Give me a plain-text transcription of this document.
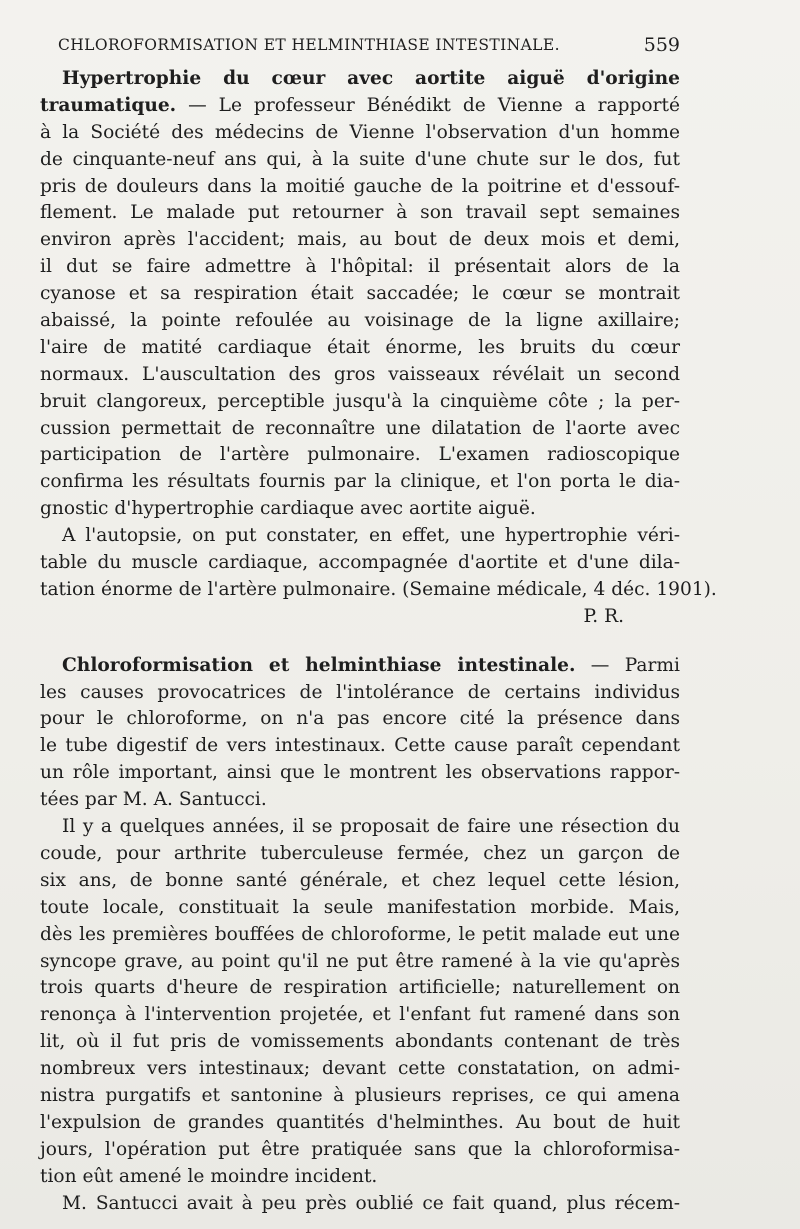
CHLOROFORMISATION ET HELMINTHIASE INTESTINALE.	559
Hypertrophie du cœur avec aortite aiguë d'origine
traumatique. — Le professeur Bénédikt de Vienne a rapporté
à la Société des médecins de Vienne l'observation d'un homme
de cinquante-neuf ans qui, à la suite d'une chute sur le dos, fut
pris de douleurs dans la moitié gauche de la poitrine et d'essouf-
flement. Le malade put retourner à son travail sept semaines
environ après l'accident; mais, au bout de deux mois et demi,
il dut se faire admettre à l'hôpital: il présentait alors de la
cyanose et sa respiration était saccadée; le cœur se montrait
abaissé, la pointe refoulée au voisinage de la ligne axillaire;
l'aire de matité cardiaque était énorme, les bruits du cœur
normaux. L'auscultation des gros vaisseaux révélait un second
bruit clangoreux, perceptible jusqu'à la cinquième côte ; la per-
cussion permettait de reconnaître une dilatation de l'aorte avec
participation de l'artère pulmonaire. L'examen radioscopique
confirma les résultats fournis par la clinique, et l'on porta le dia-
gnostic d'hypertrophie cardiaque avec aortite aiguë.
A l'autopsie, on put constater, en effet, une hypertrophie véri-
table du muscle cardiaque, accompagnée d'aortite et d'une dila-
tation énorme de l'artère pulmonaire. (Semaine médicale, 4 déc. 1901).
P. R.
Chloroformisation et helminthiase intestinale. — Parmi
les causes provocatrices de l'intolérance de certains individus
pour le chloroforme, on n'a pas encore cité la présence dans
le tube digestif de vers intestinaux. Cette cause paraît cependant
un rôle important, ainsi que le montrent les observations rappor-
tées par M. A. Santucci.
Il y a quelques années, il se proposait de faire une résection du
coude, pour arthrite tuberculeuse fermée, chez un garçon de
six ans, de bonne santé générale, et chez lequel cette lésion,
toute locale, constituait la seule manifestation morbide. Mais,
dès les premières bouffées de chloroforme, le petit malade eut une
syncope grave, au point qu'il ne put être ramené à la vie qu'après
trois quarts d'heure de respiration artificielle; naturellement on
renonça à l'intervention projetée, et l'enfant fut ramené dans son
lit, où il fut pris de vomissements abondants contenant de très
nombreux vers intestinaux; devant cette constatation, on admi-
nistra purgatifs et santonine à plusieurs reprises, ce qui amena
l'expulsion de grandes quantités d'helminthes. Au bout de huit
jours, l'opération put être pratiquée sans que la chloroformisa-
tion eût amené le moindre incident.
M. Santucci avait à peu près oublié ce fait quand, plus récem-
